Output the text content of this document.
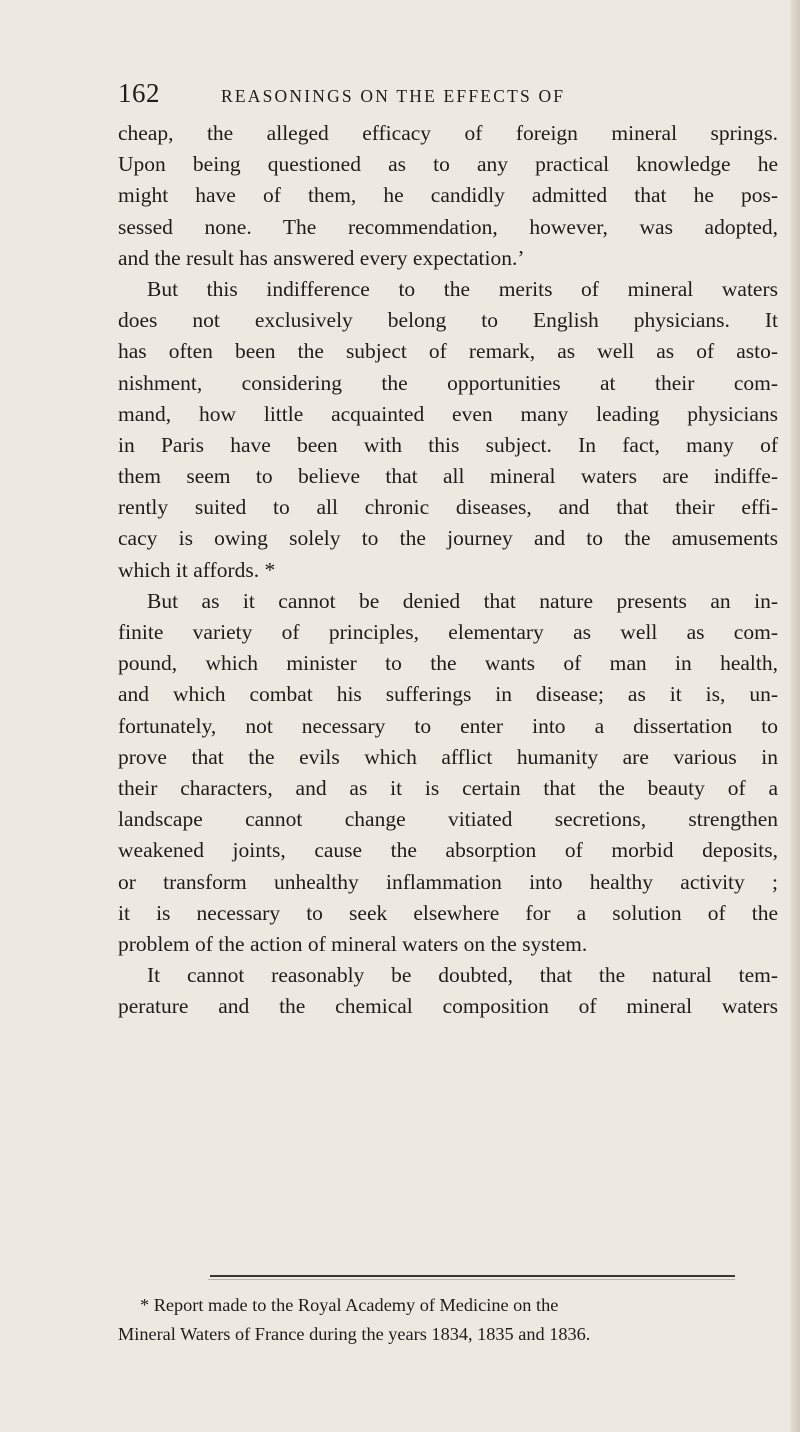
162	REASONINGS ON THE EFFECTS OF
cheap, the alleged efficacy of foreign mineral springs.
Upon being questioned as to any practical knowledge he
might have of them, he candidly admitted that he pos-
sessed none. The recommendation, however, was adopted,
and the result has answered every expectation.’
But this indifference to the merits of mineral waters
does not exclusively belong to English physicians. It
has often been the subject of remark, as well as of asto-
nishment, considering the opportunities at their com-
mand, how little acquainted even many leading physicians
in Paris have been with this subject. In fact, many of
them seem to believe that all mineral waters are indiffe-
rently suited to all chronic diseases, and that their effi-
cacy is owing solely to the journey and to the amusements
which it affords. *
But as it cannot be denied that nature presents an in-
finite variety of principles, elementary as well as com-
pound, which minister to the wants of man in health,
and which combat his sufferings in disease; as it is, un-
fortunately, not necessary to enter into a dissertation to
prove that the evils which afflict humanity are various in
their characters, and as it is certain that the beauty of a
landscape cannot change vitiated secretions, strengthen
weakened joints, cause the absorption of morbid deposits,
or transform unhealthy inflammation into healthy activity ;
it is necessary to seek elsewhere for a solution of the
problem of the action of mineral waters on the system.
It cannot reasonably be doubted, that the natural tem-
perature and the chemical composition of mineral waters
* Report made to the Royal Academy of Medicine on the
Mineral Waters of France during the years 1834, 1835 and 1836.
